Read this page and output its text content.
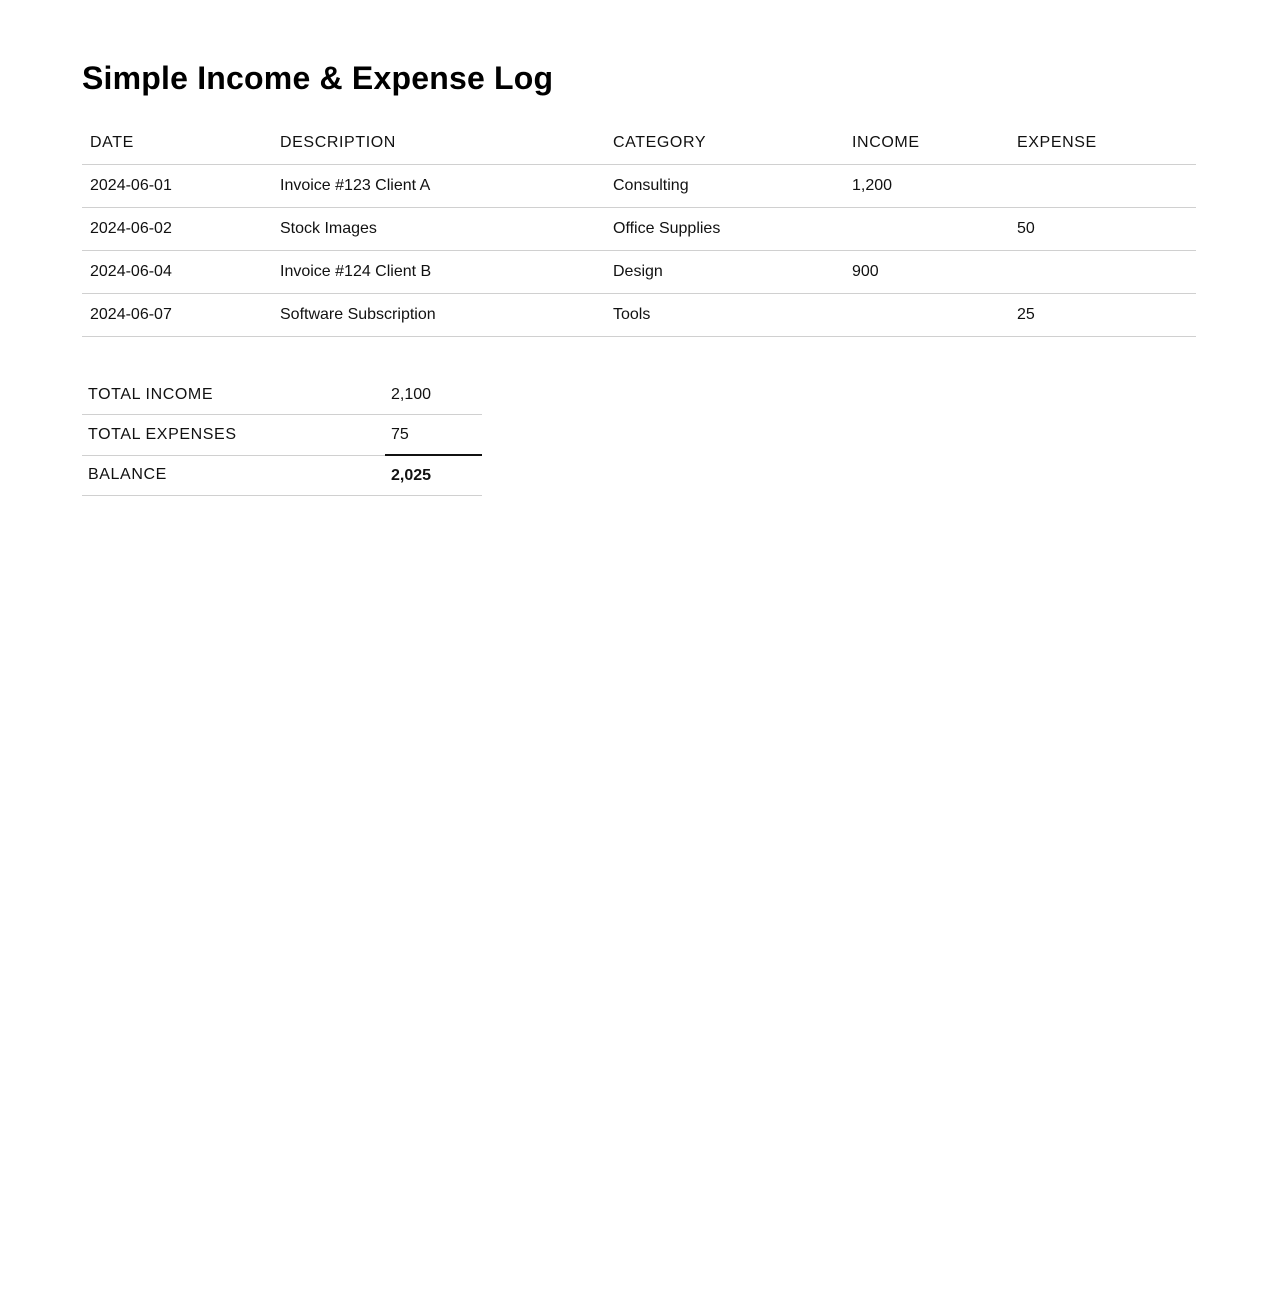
Simple Income & Expense Log
DATE	DESCRIPTION	CATEGORY	INCOME	EXPENSE
2024-06-01	Invoice #123 Client A	Consulting	1,200	
2024-06-02	Stock Images	Office Supplies		50
2024-06-04	Invoice #124 Client B	Design	900	
2024-06-07	Software Subscription	Tools		25
TOTAL INCOME	2,100
TOTAL EXPENSES	75
BALANCE	2,025
